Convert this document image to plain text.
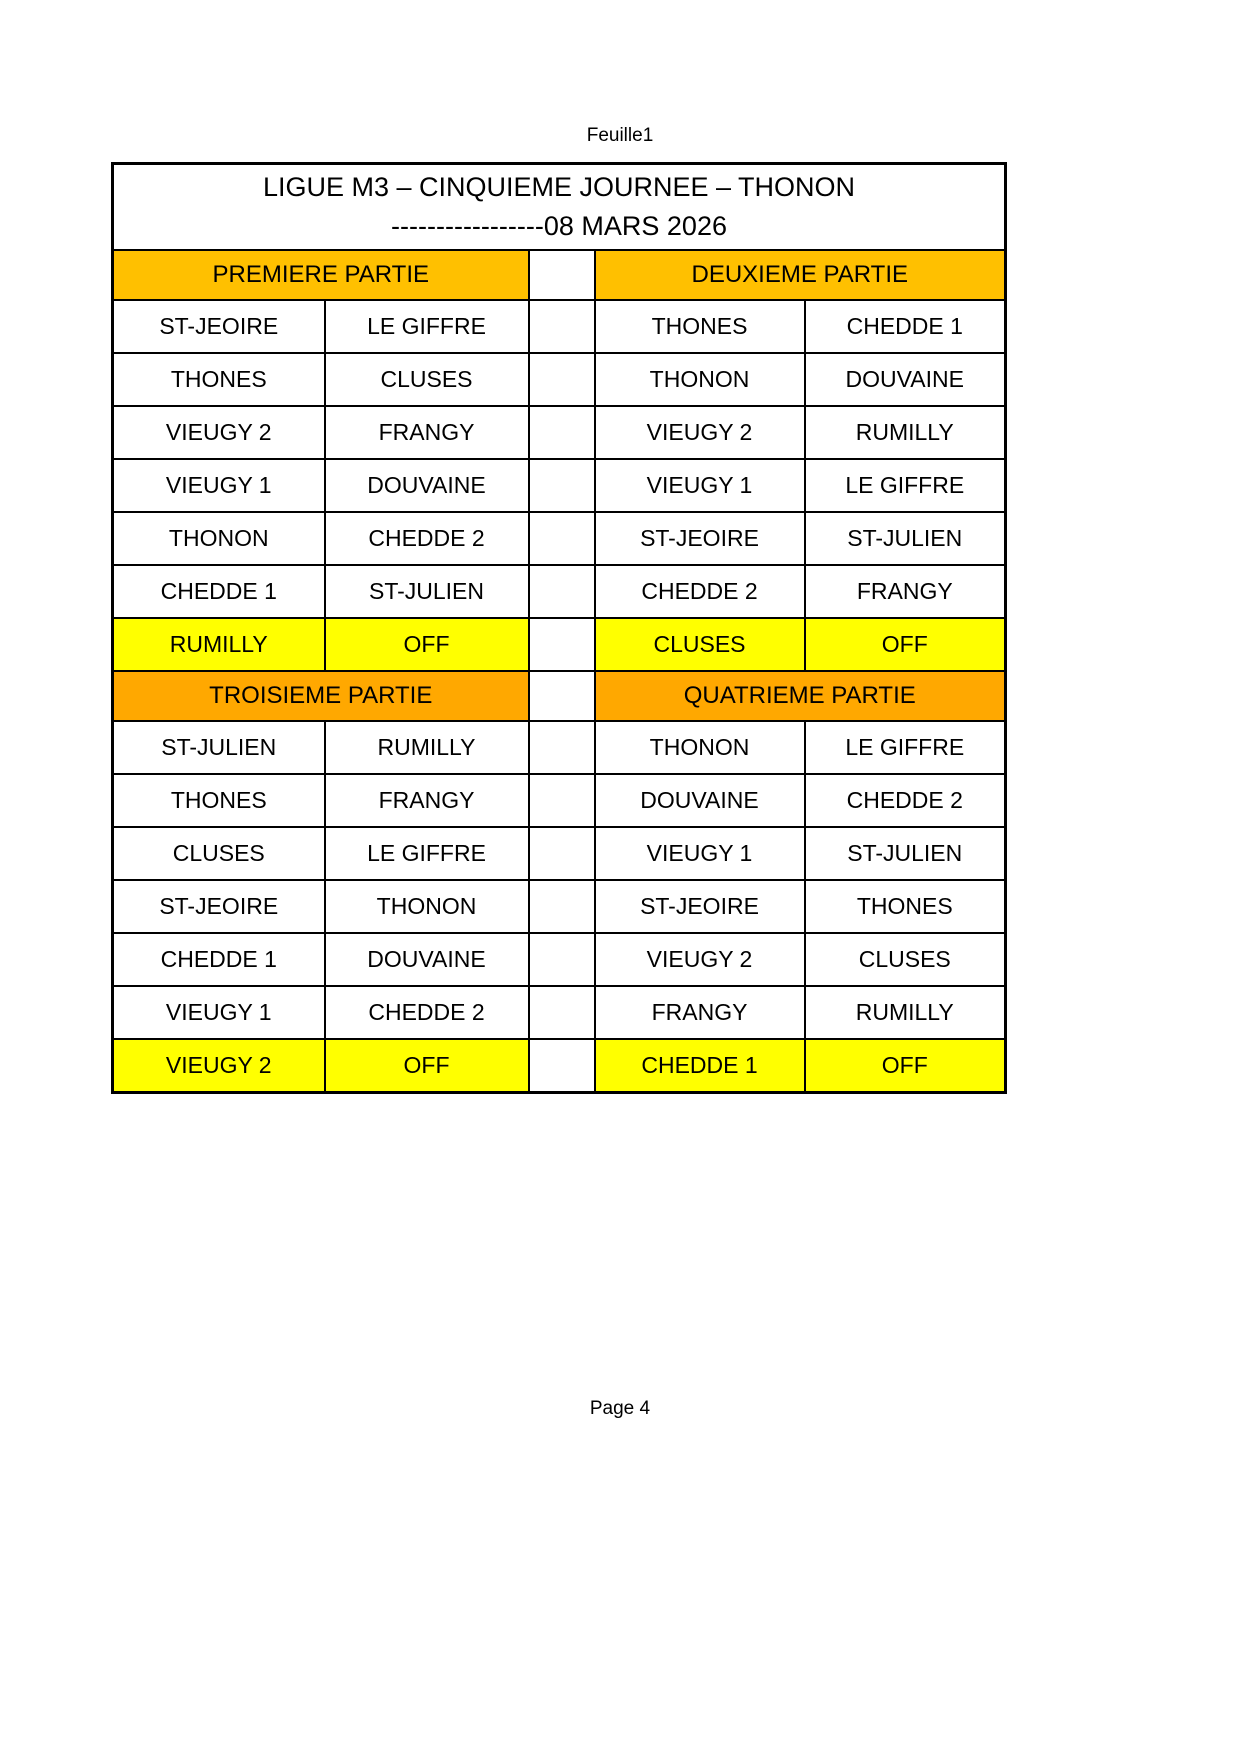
Feuille1
LIGUE M3 – CINQUIEME JOURNEE – THONON
-----------------08 MARS 2026				

PREMIERE PARTIE			DEUXIEME PARTIE	
ST-JEOIRE	LE GIFFRE		THONES	CHEDDE 1
THONES	CLUSES		THONON	DOUVAINE
VIEUGY 2	FRANGY		VIEUGY 2	RUMILLY
VIEUGY 1	DOUVAINE		VIEUGY 1	LE GIFFRE
THONON	CHEDDE 2		ST-JEOIRE	ST-JULIEN
CHEDDE 1	ST-JULIEN		CHEDDE 2	FRANGY
RUMILLY	OFF		CLUSES	OFF
TROISIEME PARTIE			QUATRIEME PARTIE	
ST-JULIEN	RUMILLY		THONON	LE GIFFRE
THONES	FRANGY		DOUVAINE	CHEDDE 2
CLUSES	LE GIFFRE		VIEUGY 1	ST-JULIEN
ST-JEOIRE	THONON		ST-JEOIRE	THONES
CHEDDE 1	DOUVAINE		VIEUGY 2	CLUSES
VIEUGY 1	CHEDDE 2		FRANGY	RUMILLY
VIEUGY 2	OFF		CHEDDE 1	OFF
Page 4
